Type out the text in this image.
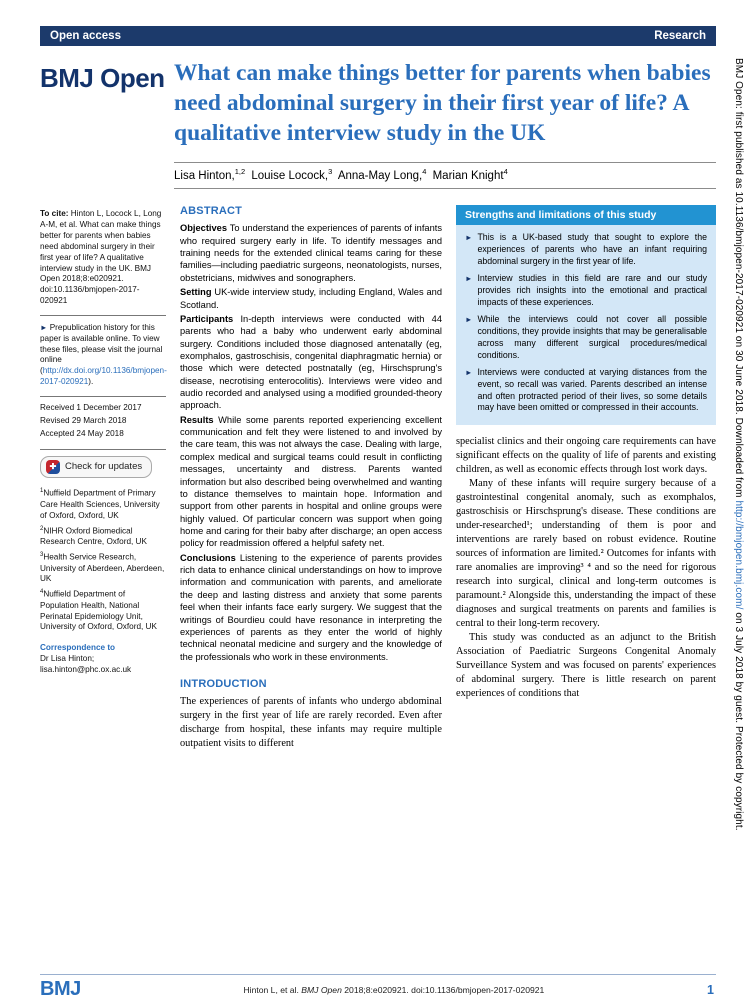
BMJ Open: first published as 10.1136/bmjopen-2017-020921 on 30 June 2018. Downloaded from http://bmjopen.bmj.com/ on 3 July 2018 by guest. Protected by copyright.
Open access	Research
BMJ Open What can make things better for parents when babies need abdominal surgery in their first year of life? A qualitative interview study in the UK
Lisa Hinton,$^{1,2}$ Louise Locock,$^3$ Anna-May Long,$^4$ Marian Knight$^4$
To cite: Hinton L, Locock L, Long A-M, et al. What can make things better for parents when babies need abdominal surgery in their first year of life? A qualitative interview study in the UK. BMJ Open 2018;8:e020921. doi:10.1136/bmjopen-2017-020921
► Prepublication history for this paper is available online. To view these files, please visit the journal online (http://dx.doi.org/10.1136/bmjopen-2017-020921).
Received 1 December 2017
Revised 29 March 2018
Accepted 24 May 2018
✚ Check for updates
$^1$Nuffield Department of Primary Care Health Sciences, University of Oxford, Oxford, UK
$^2$NIHR Oxford Biomedical Research Centre, Oxford, UK
$^3$Health Service Research, University of Aberdeen, Aberdeen, UK
$^4$Nuffield Department of Population Health, National Perinatal Epidemiology Unit, University of Oxford, Oxford, UK
Correspondence to
Dr Lisa Hinton; lisa.hinton@phc.ox.ac.uk
ABSTRACT

Objectives To understand the experiences of parents of infants who required surgery early in life. To identify messages and training needs for the extended clinical teams caring for these families—including paediatric surgeons, neonatologists, nurses, obstetricians, midwives and sonographers.

Setting UK-wide interview study, including England, Wales and Scotland.

Participants In-depth interviews were conducted with 44 parents who had a baby who underwent early abdominal surgery. Conditions included those diagnosed antenatally (eg, exomphalos, gastroschisis, congenital diaphragmatic hernia) or those which were detected postnatally (eg, Hirschsprung's disease, necrotising enterocolitis). Interviews were video and audio recorded and analysed using a modified grounded-theory approach.

Results While some parents reported experiencing excellent communication and felt they were listened to and involved by the care team, this was not always the case. Dealing with large, complex medical and surgical teams could result in conflicting messages, uncertainty and distress. Parents wanted information but also described being overwhelmed and wanting to distance themselves to maintain hope. Information and support from other parents in hospital and online groups were highly valued. Of particular concern was support when going home and caring for their baby after discharge; an open access policy for readmission offered a helpful safety net.

Conclusions Listening to the experience of parents provides rich data to enhance clinical understandings on how to improve information and communication with parents, and ameliorate the deep and lasting distress and anxiety that some parents feel when their infants face early surgery. We suggest that the writings of Bourdieu could have resonance in interpreting the experiences of parents as they enter the world of highly technical neonatal medicine and surgery and the knowledge of the professionals who work in these environments.

INTRODUCTION

The experiences of parents of infants who undergo abdominal surgery in the first year of life are rarely recorded. Even after discharge from hospital, these infants may require multiple outpatient visits to different

Strengths and limitations of this study
► This is a UK-based study that sought to explore the experiences of parents who have an infant requiring abdominal surgery in the first year of life.
► Interview studies in this field are rare and our study provides rich insights into the emotional and practical impacts of these experiences.
► While the interviews could not cover all possible conditions, they provide insights that may be generalisable across many different surgical procedures/medical conditions.
► Interviews were conducted at varying distances from the event, so recall was varied. Parents described an intense and often protracted period of their lives, so some details may have been omitted or compressed in their accounts.

specialist clinics and their ongoing care requirements can have significant effects on the quality of life of parents and existing children, as well as economic effects through lost work days.

Many of these infants will require surgery because of a gastrointestinal congenital anomaly, such as exomphalos, gastroschisis or Hirschsprung's disease. These conditions are under-researched¹; understanding of them is poor and interventions are rarely based on robust evidence. Routine sources of information are limited.² Outcomes for infants with rare anomalies are improving³ ⁴ and so the need for rigorous research into surgical, clinical and long-term outcomes is paramount.² Alongside this, understanding the impact of these diagnoses and surgical treatments on parents and families is central to their long-term recovery.

This study was conducted as an adjunct to the British Association of Paediatric Surgeons Congenital Anomaly Surveillance System and was focused on parents' experiences of abdominal surgery. There is little research on parent experiences of conditions that

BMJ	Hinton L, et al. BMJ Open 2018;8:e020921. doi:10.1136/bmjopen-2017-020921	1
